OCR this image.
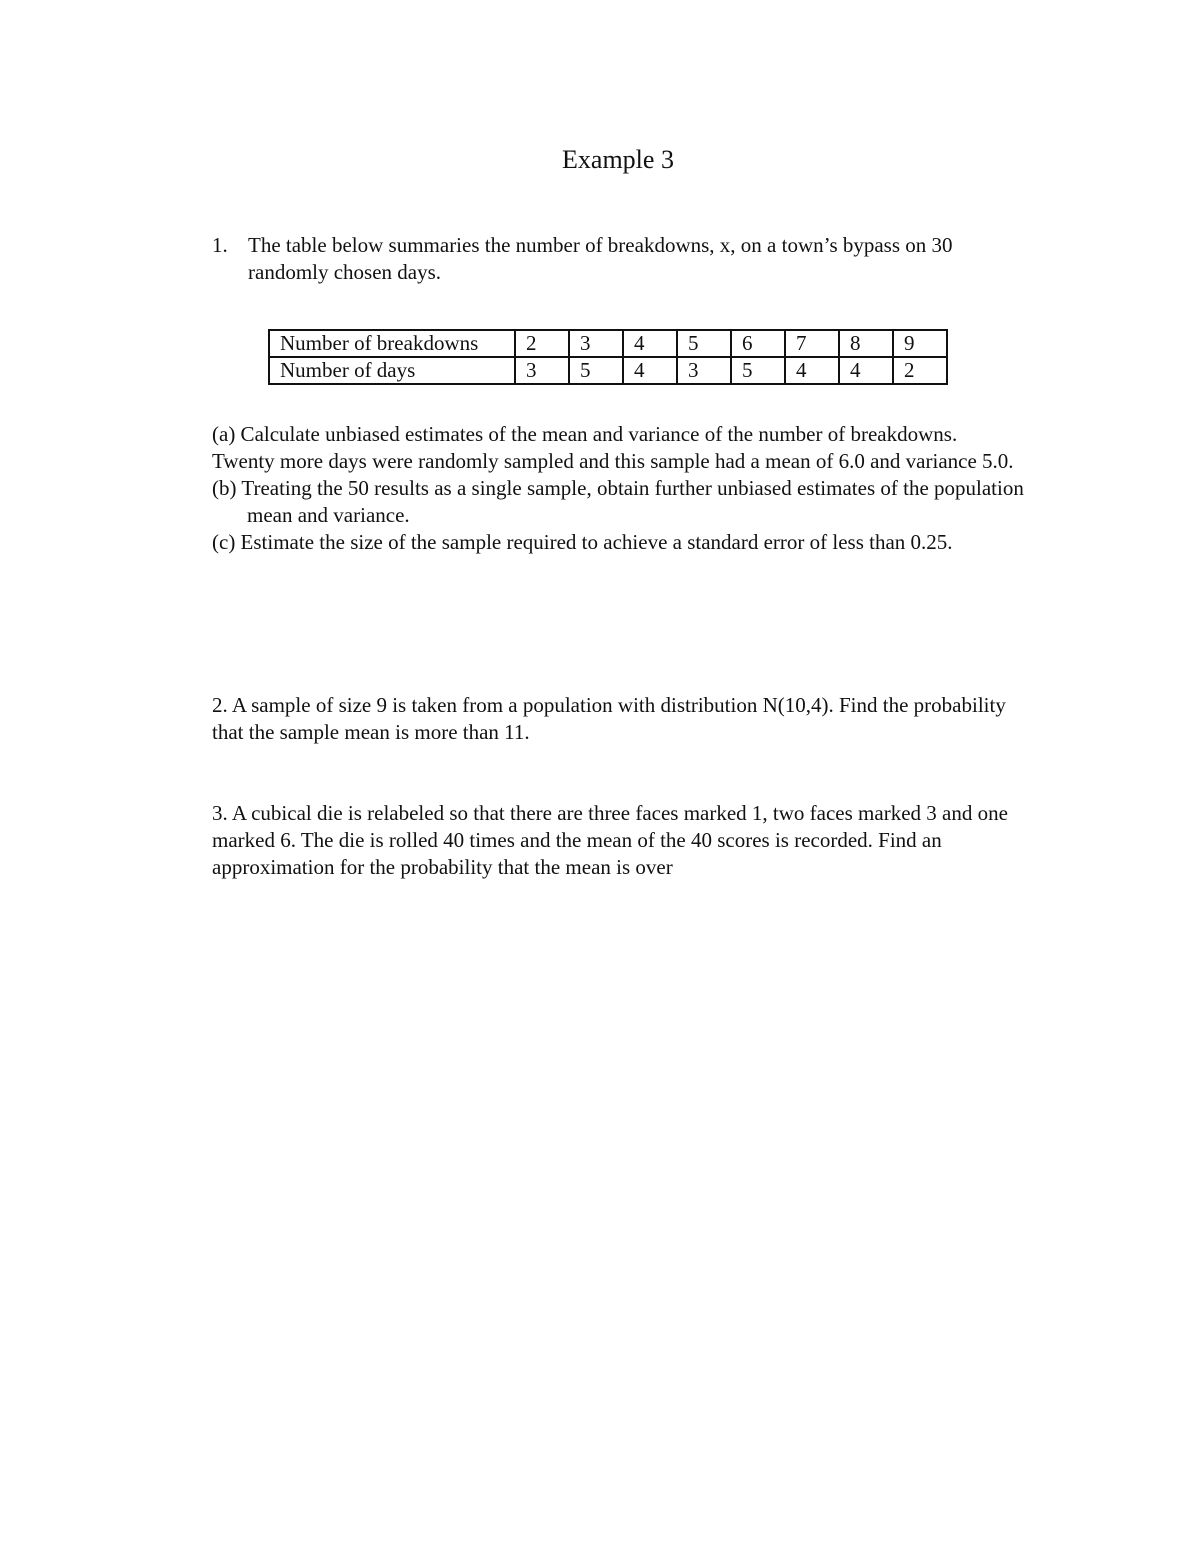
Example 3
1. The table below summaries the number of breakdowns, x, on a town’s bypass on 30 randomly chosen days.
Number of breakdowns	2	3	4	5	6	7	8	9
Number of days	3	5	4	3	5	4	4	2

(a) Calculate unbiased estimates of the mean and variance of the number of breakdowns.

Twenty more days were randomly sampled and this sample had a mean of 6.0 and variance 5.0.

(b) Treating the 50 results as a single sample, obtain further unbiased estimates of the population mean and variance.

(c) Estimate the size of the sample required to achieve a standard error of less than 0.25.

2. A sample of size 9 is taken from a population with distribution N(10,4). Find the probability that the sample mean is more than 11.

3. A cubical die is relabeled so that there are three faces marked 1, two faces marked 3 and one marked 6. The die is rolled 40 times and the mean of the 40 scores is recorded. Find an approximation for the probability that the mean is over
